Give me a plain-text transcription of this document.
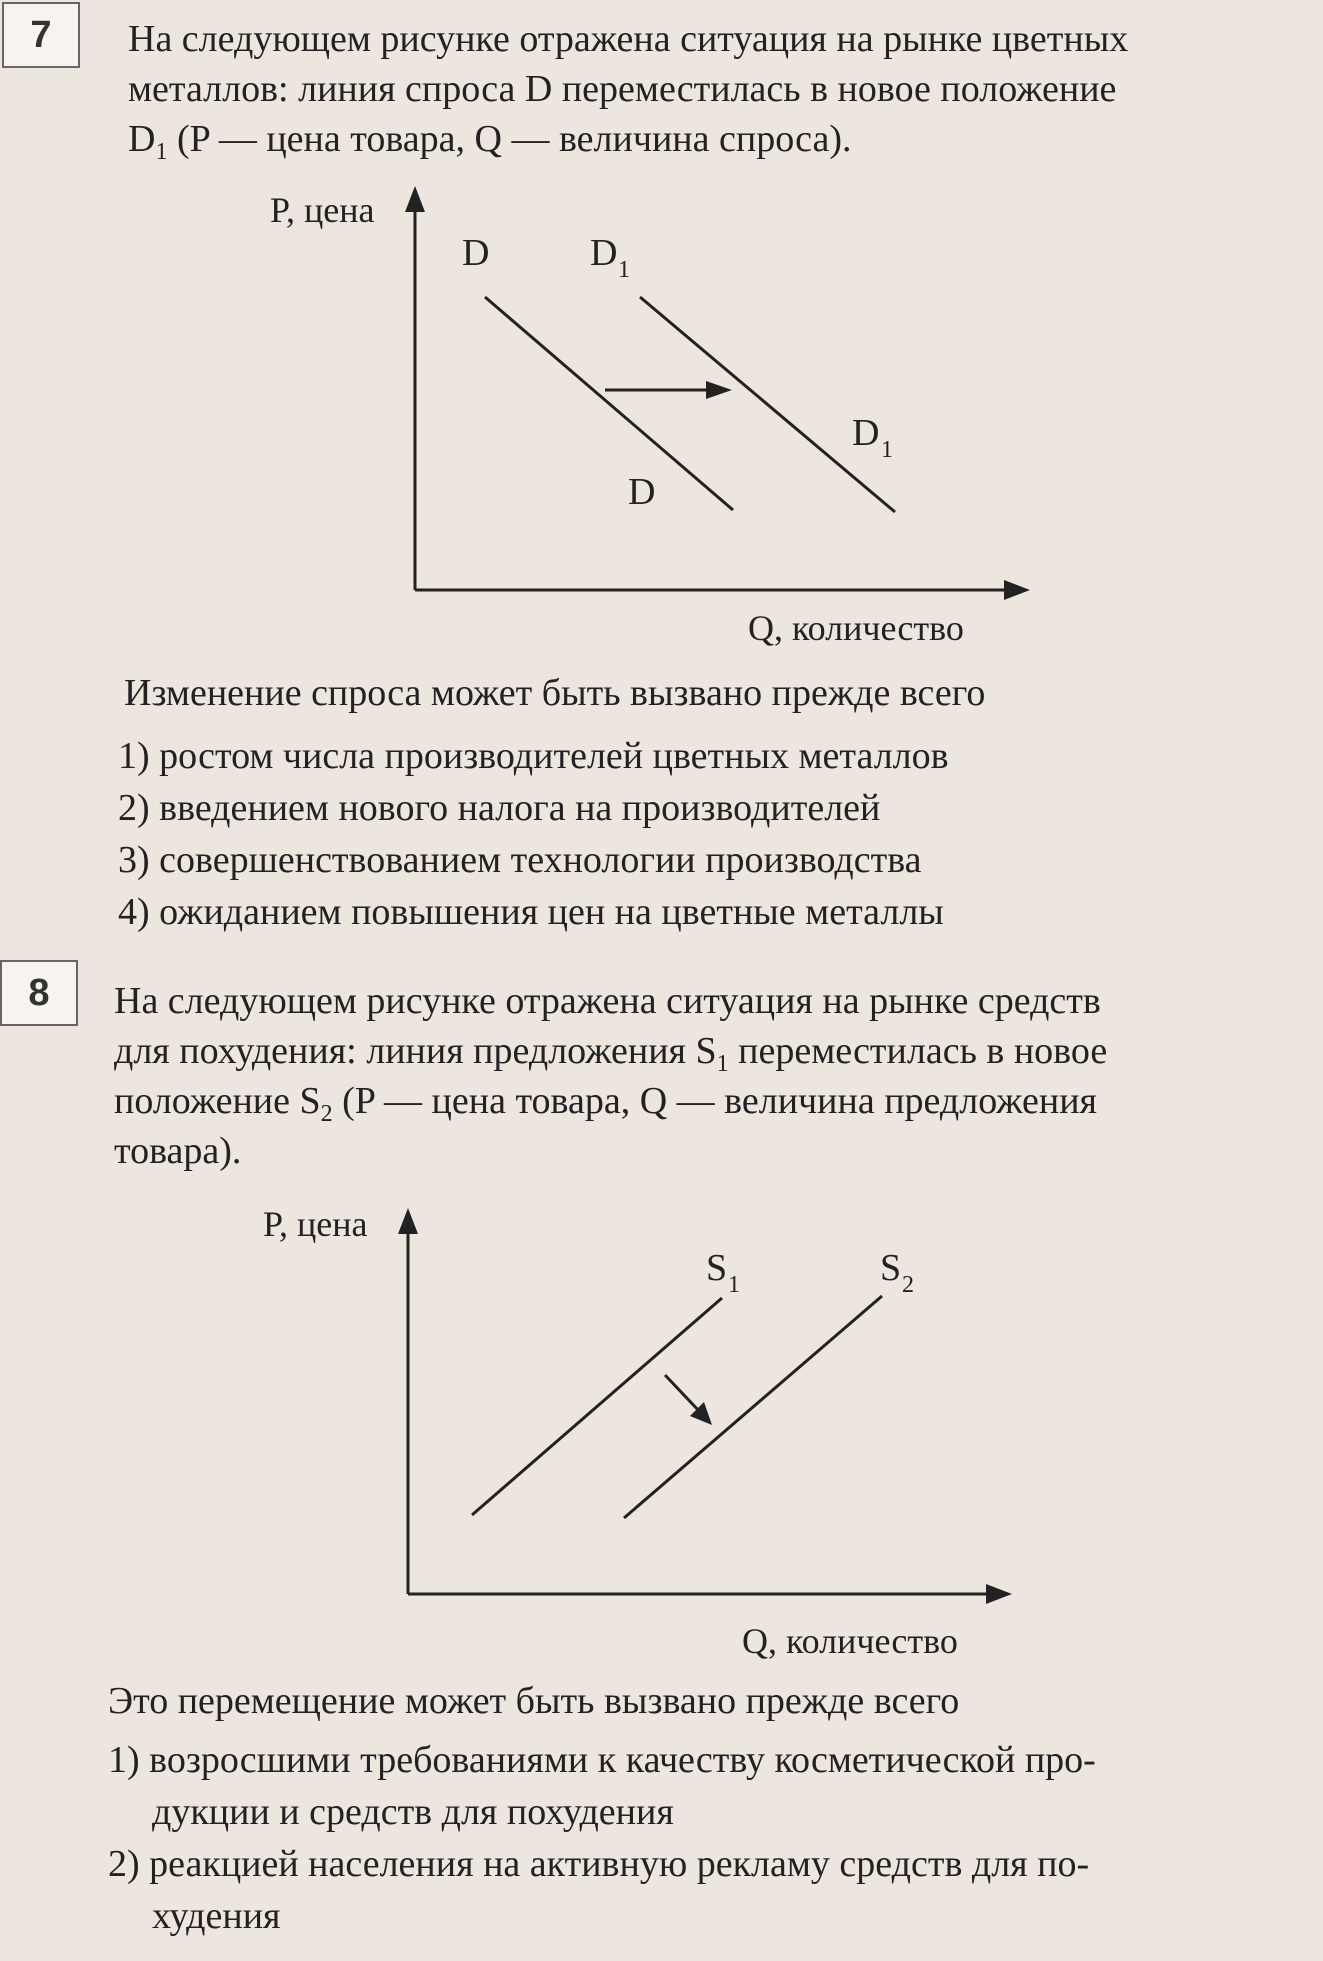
7	На следующем рисунке отражена ситуация на рынке цветных
металлов: линия спроса D переместилась в новое положение
$D_1$ (P — цена товара, Q — величина спроса).
P, цена
Q, количество
D	D 1
D
D 1
Изменение спроса может быть вызвано прежде всего
1) ростом числа производителей цветных металлов
2) введением нового налога на производителей
3) совершенствованием технологии производства
4) ожиданием повышения цен на цветные металлы
8	На следующем рисунке отражена ситуация на рынке средств
для похудения: линия предложения $S_1$ переместилась в новое
положение $S_2$ (P — цена товара, Q — величина предложения
товара).
P, цена
Q, количество
S 1	S 2
Это перемещение может быть вызвано прежде всего
1) возросшими требованиями к качеству косметической про-
дукции и средств для похудения
2) реакцией населения на активную рекламу средств для по-
худения
